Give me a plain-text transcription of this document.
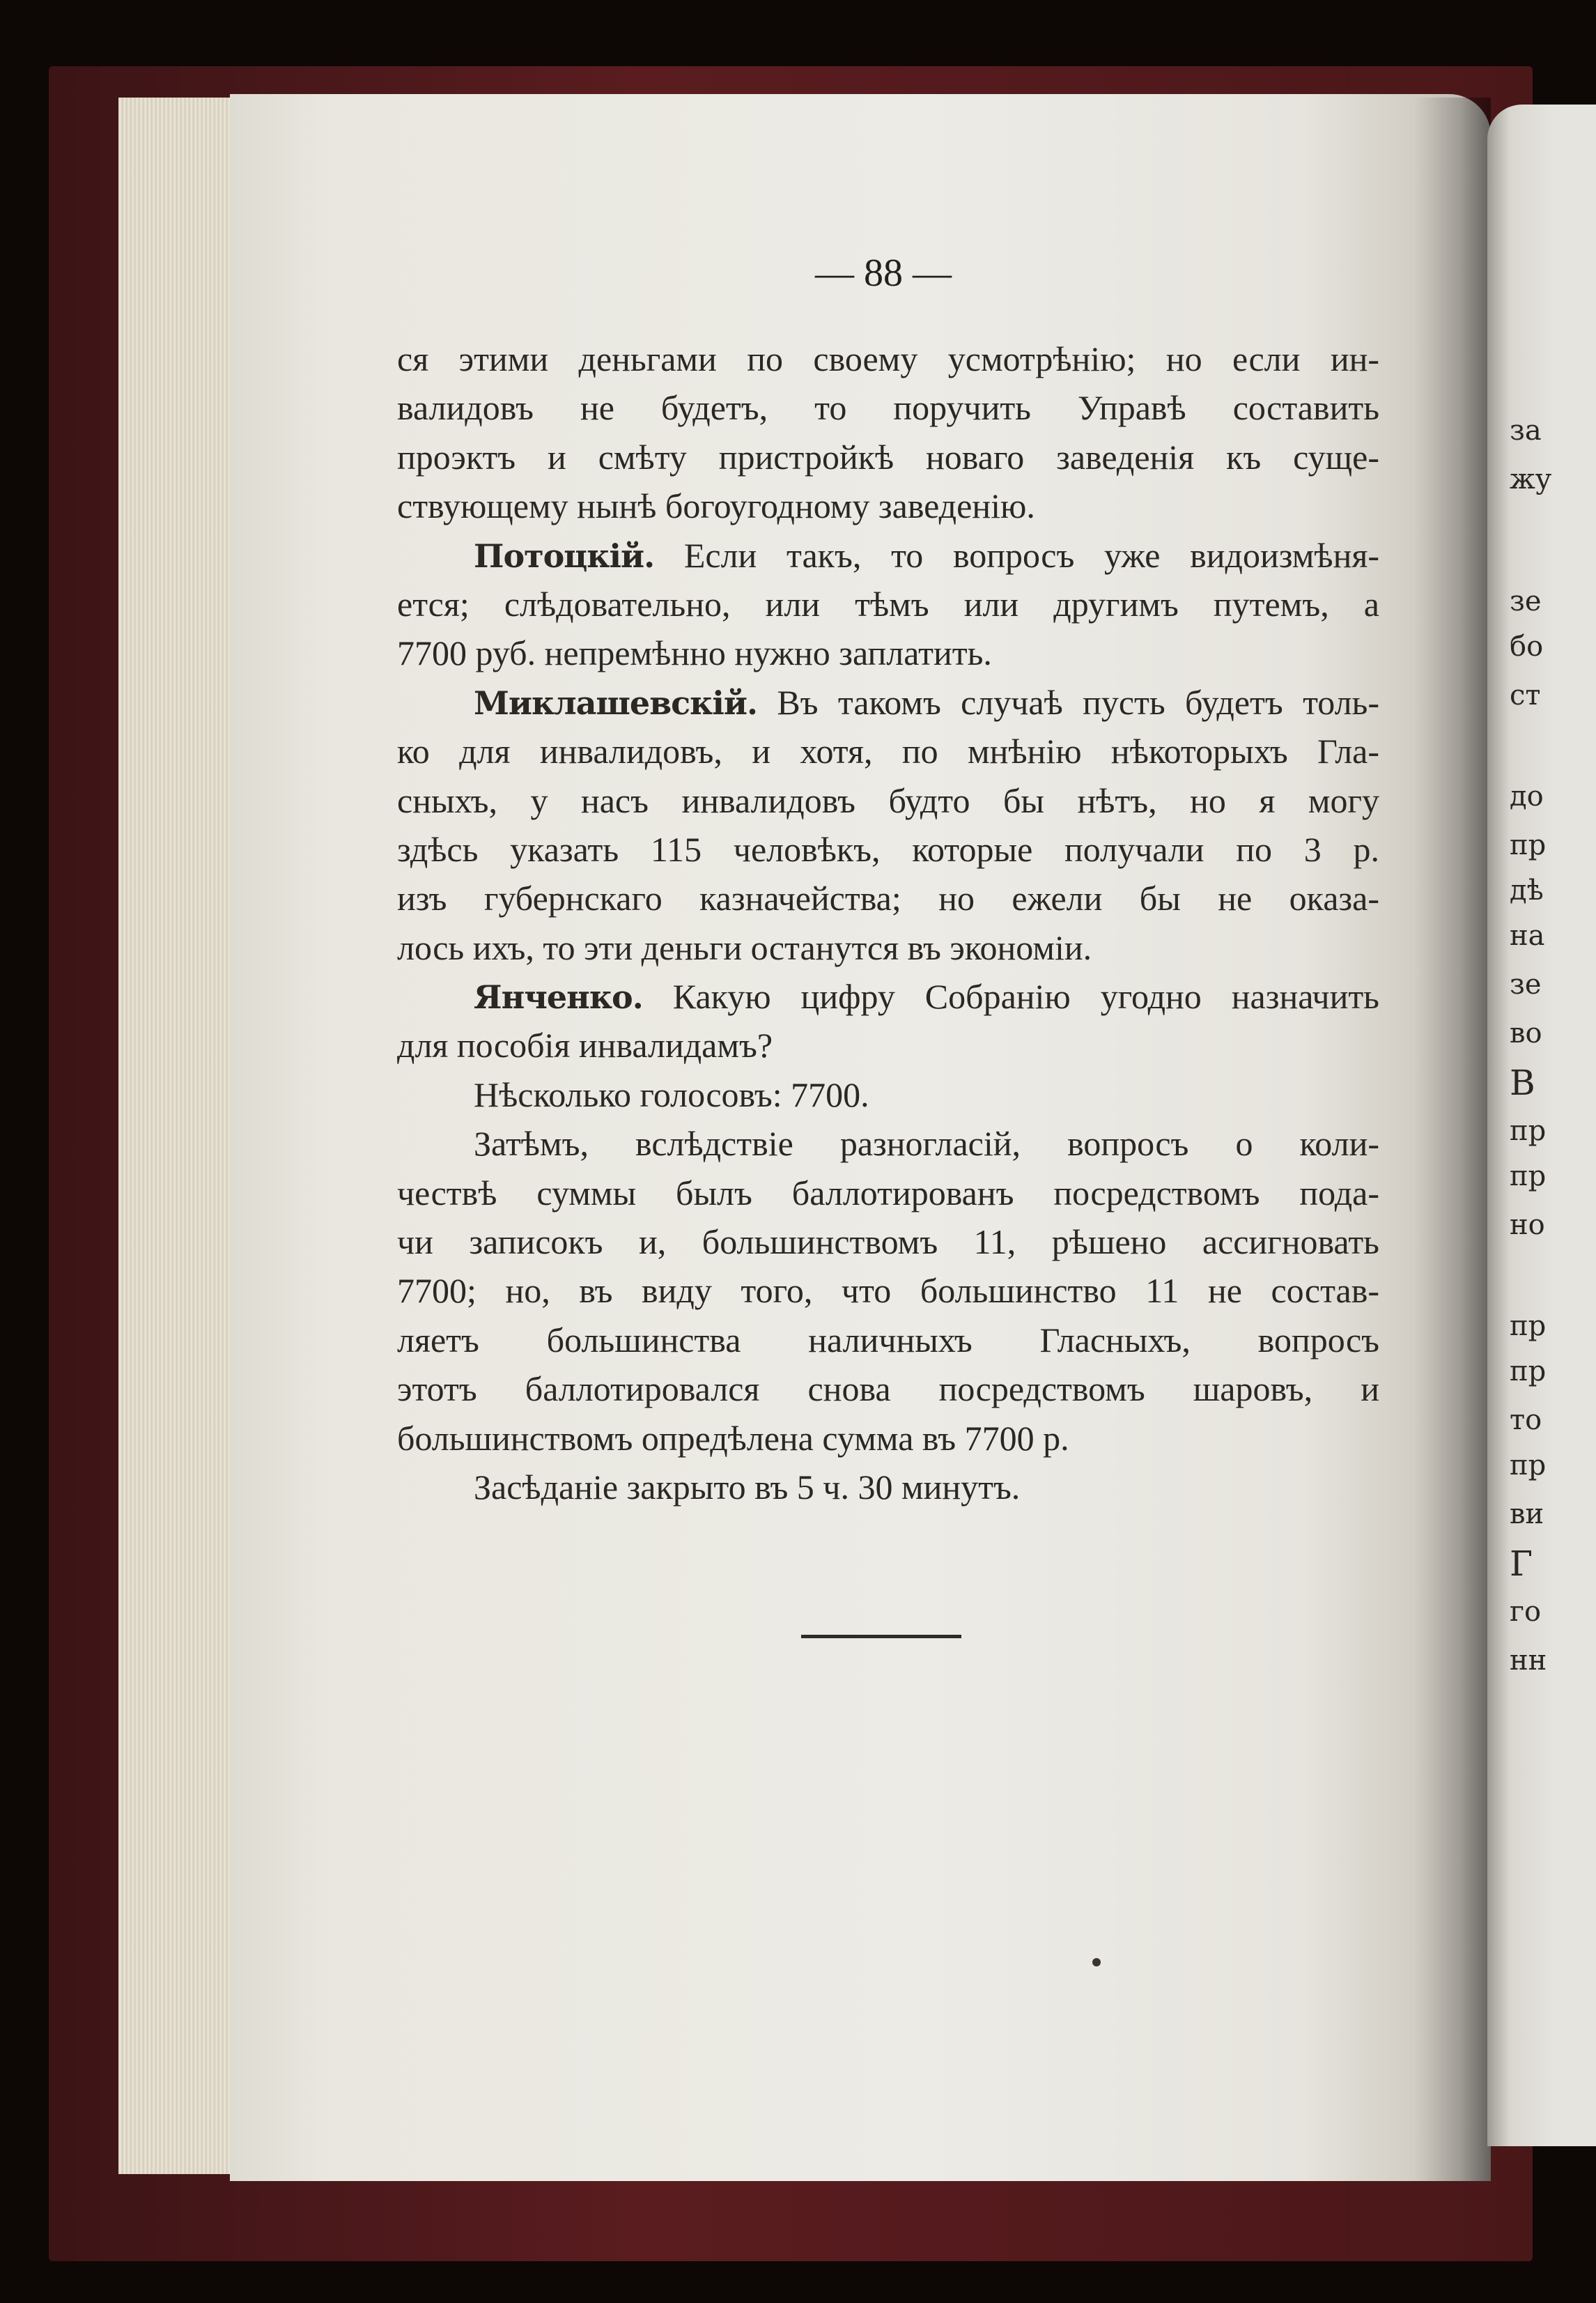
за
жу
зе
бо
ст
до
пр
дѣ
на
зе
во
В
пр
пр
но
пр
пр
то
пр
ви
Г
го
нн
— 88 —
ся этими деньгами по своему усмотрѣнію; но если ин-
валидовъ не будетъ, то поручить Управѣ составить
проэктъ и смѣту пристройкѣ новаго заведенія къ суще-
ствующему нынѣ богоугодному заведенію.
Потоцкій. Если такъ, то вопросъ уже видоизмѣня-
ется; слѣдовательно, или тѣмъ или другимъ путемъ, а
7700 руб. непремѣнно нужно заплатить.
Миклашевскій. Въ такомъ случаѣ пусть будетъ толь-
ко для инвалидовъ, и хотя, по мнѣнію нѣкоторыхъ Гла-
сныхъ, у насъ инвалидовъ будто бы нѣтъ, но я могу
здѣсь указать 115 человѣкъ, которые получали по 3 р.
изъ губернскаго казначейства; но ежели бы не оказа-
лось ихъ, то эти деньги останутся въ экономіи.
Янченко. Какую цифру Собранію угодно назначить
для пособія инвалидамъ?
Нѣсколько голосовъ: 7700.
Затѣмъ, вслѣдствіе разногласій, вопросъ о коли-
чествѣ суммы былъ баллотированъ посредствомъ пода-
чи записокъ и, большинствомъ 11, рѣшено ассигновать
7700; но, въ виду того, что большинство 11 не состав-
ляетъ большинства наличныхъ Гласныхъ, вопросъ
этотъ баллотировался снова посредствомъ шаровъ, и
большинствомъ опредѣлена сумма въ 7700 р.
Засѣданіе закрыто въ 5 ч. 30 минутъ.
